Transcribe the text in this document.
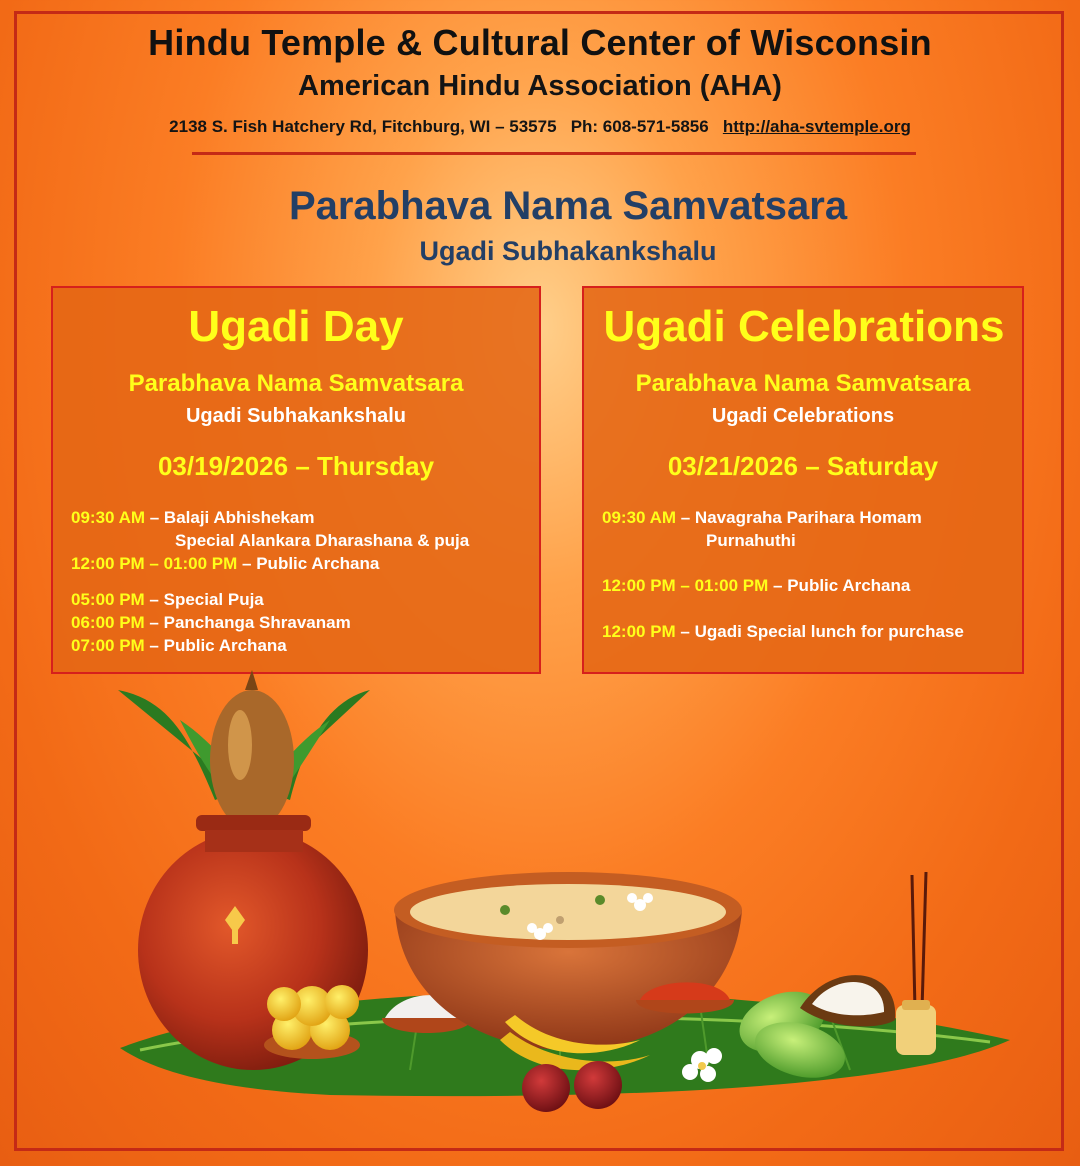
Hindu Temple & Cultural Center of Wisconsin
American Hindu Association (AHA)
2138 S. Fish Hatchery Rd, Fitchburg, WI – 53575 Ph: 608-571-5856 http://aha-svtemple.org
Parabhava Nama Samvatsara
Ugadi Subhakankshalu
Ugadi Day
Parabhava Nama Samvatsara
Ugadi Subhakankshalu
03/19/2026 – Thursday
09:30 AM – Balaji Abhishekam
Special Alankara Dharashana & puja
12:00 PM – 01:00 PM – Public Archana
05:00 PM – Special Puja
06:00 PM – Panchanga Shravanam
07:00 PM – Public Archana
Ugadi Celebrations
Parabhava Nama Samvatsara
Ugadi Celebrations
03/21/2026 – Saturday
09:30 AM – Navagraha Parihara Homam
Purnahuthi
12:00 PM – 01:00 PM – Public Archana
12:00 PM – Ugadi Special lunch for purchase
